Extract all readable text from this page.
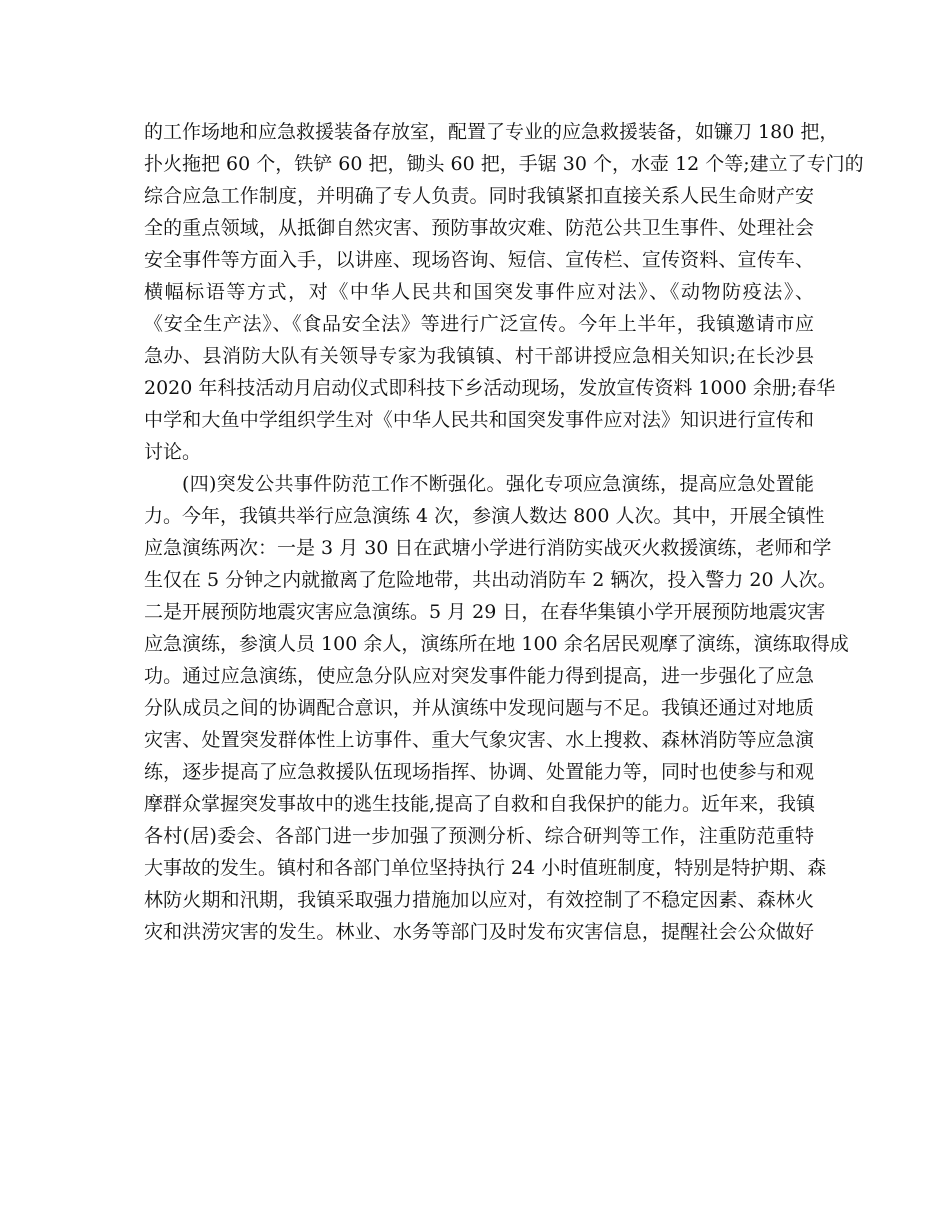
的工作场地和应急救援装备存放室，配置了专业的应急救援装备，如镰刀 180 把，
扑火拖把 60 个，铁铲 60 把，锄头 60 把，手锯 30 个，水壶 12 个等;建立了专门的
综合应急工作制度，并明确了专人负责。同时我镇紧扣直接关系人民生命财产安
全的重点领域，从抵御自然灾害、预防事故灾难、防范公共卫生事件、处理社会
安全事件等方面入手，以讲座、现场咨询、短信、宣传栏、宣传资料、宣传车、
横幅标语等方式，对《中华人民共和国突发事件应对法》、《动物防疫法》、
《安全生产法》、《食品安全法》等进行广泛宣传。今年上半年，我镇邀请市应
急办、县消防大队有关领导专家为我镇镇、村干部讲授应急相关知识;在长沙县
2020 年科技活动月启动仪式即科技下乡活动现场，发放宣传资料 1000 余册;春华
中学和大鱼中学组织学生对《中华人民共和国突发事件应对法》知识进行宣传和
讨论。
(四)突发公共事件防范工作不断强化。强化专项应急演练，提高应急处置能
力。今年，我镇共举行应急演练 4 次，参演人数达 800 人次。其中，开展全镇性
应急演练两次：一是 3 月 30 日在武塘小学进行消防实战灭火救援演练，老师和学
生仅在 5 分钟之内就撤离了危险地带，共出动消防车 2 辆次，投入警力 20 人次。
二是开展预防地震灾害应急演练。5 月 29 日，在春华集镇小学开展预防地震灾害
应急演练，参演人员 100 余人，演练所在地 100 余名居民观摩了演练，演练取得成
功。通过应急演练，使应急分队应对突发事件能力得到提高，进一步强化了应急
分队成员之间的协调配合意识，并从演练中发现问题与不足。我镇还通过对地质
灾害、处置突发群体性上访事件、重大气象灾害、水上搜救、森林消防等应急演
练，逐步提高了应急救援队伍现场指挥、协调、处置能力等，同时也使参与和观
摩群众掌握突发事故中的逃生技能,提高了自救和自我保护的能力。近年来，我镇
各村(居)委会、各部门进一步加强了预测分析、综合研判等工作，注重防范重特
大事故的发生。镇村和各部门单位坚持执行 24 小时值班制度，特别是特护期、森
林防火期和汛期，我镇采取强力措施加以应对，有效控制了不稳定因素、森林火
灾和洪涝灾害的发生。林业、水务等部门及时发布灾害信息，提醒社会公众做好
